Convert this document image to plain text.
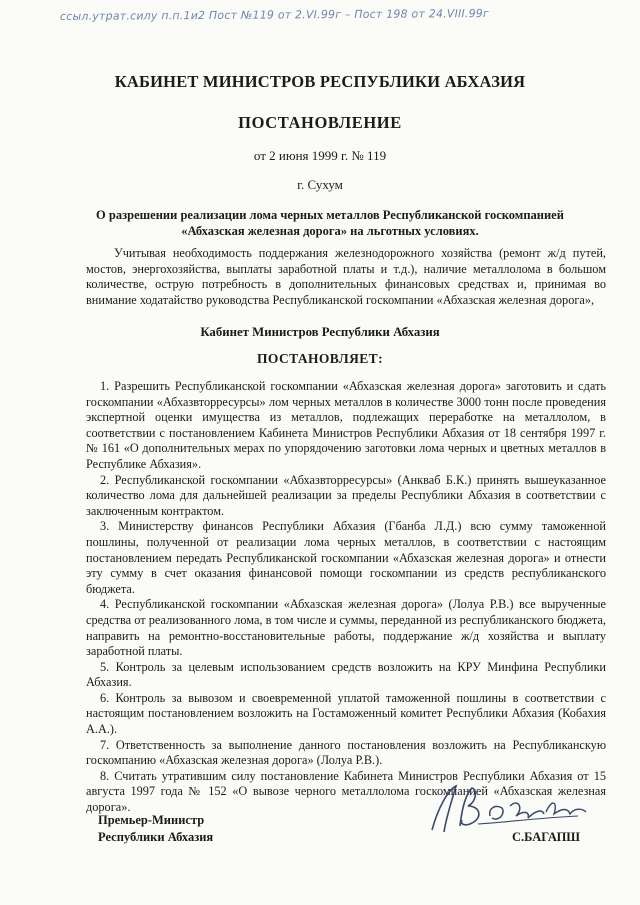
ссыл.утрат.силу п.п.1и2 Пост №119 от 2.VI.99г – Пост 198 от 24.VIII.99г
КАБИНЕТ МИНИСТРОВ РЕСПУБЛИКИ АБХАЗИЯ
ПОСТАНОВЛЕНИЕ
от 2 июня 1999 г. № 119
г. Сухум
О разрешении реализации лома черных металлов Республиканской госкомпанией
«Абхазская железная дорога» на льготных условиях.

Учитывая необходимость поддержания железнодорожного хозяйства (ремонт ж/д путей, мостов, энергохозяйства, выплаты заработной платы и т.д.), наличие металлолома в большом количестве, острую потребность в дополнительных финансовых средствах и, принимая во внимание ходатайство руководства Республиканской госкомпании «Абхазская железная дорога»,

Кабинет Министров Республики Абхазия
ПОСТАНОВЛЯЕТ:

1. Разрешить Республиканской госкомпании «Абхазская железная дорога» заготовить и сдать госкомпании «Абхазвторресурсы» лом черных металлов в количестве 3000 тонн после проведения экспертной оценки имущества из металлов, подлежащих переработке на металлолом, в соответствии с постановлением Кабинета Министров Республики Абхазия от 18 сентября 1997 г. № 161 «О дополнительных мерах по упорядочению заготовки лома черных и цветных металлов в Республике Абхазия».

2. Республиканской госкомпании «Абхазвторресурсы» (Анкваб Б.К.) принять вышеуказанное количество лома для дальнейшей реализации за пределы Республики Абхазия в соответствии с заключенным контрактом.

3. Министерству финансов Республики Абхазия (Гбанба Л.Д.) всю сумму таможенной пошлины, полученной от реализации лома черных металлов, в соответствии с настоящим постановлением передать Республиканской госкомпании «Абхазская железная дорога» и отнести эту сумму в счет оказания финансовой помощи госкомпании из средств республиканского бюджета.

4. Республиканской госкомпании «Абхазская железная дорога» (Лолуа Р.В.) все вырученные средства от реализованного лома, в том числе и суммы, переданной из республиканского бюджета, направить на ремонтно-восстановительные работы, поддержание ж/д хозяйства и выплату заработной платы.

5. Контроль за целевым использованием средств возложить на КРУ Минфина Республики Абхазия.

6. Контроль за вывозом и своевременной уплатой таможенной пошлины в соответствии с настоящим постановлением возложить на Гостаможенный комитет Республики Абхазия (Кобахия А.А.).

7. Ответственность за выполнение данного постановления возложить на Республиканскую госкомпанию «Абхазская железная дорога» (Лолуа Р.В.).

8. Считать утратившим силу постановление Кабинета Министров Республики Абхазия от 15 августа 1997 года № 152 «О вывозе черного металлолома госкомпанией «Абхазская железная дорога».

Премьер-Министр
Республики Абхазия	С.БАГАПШ
